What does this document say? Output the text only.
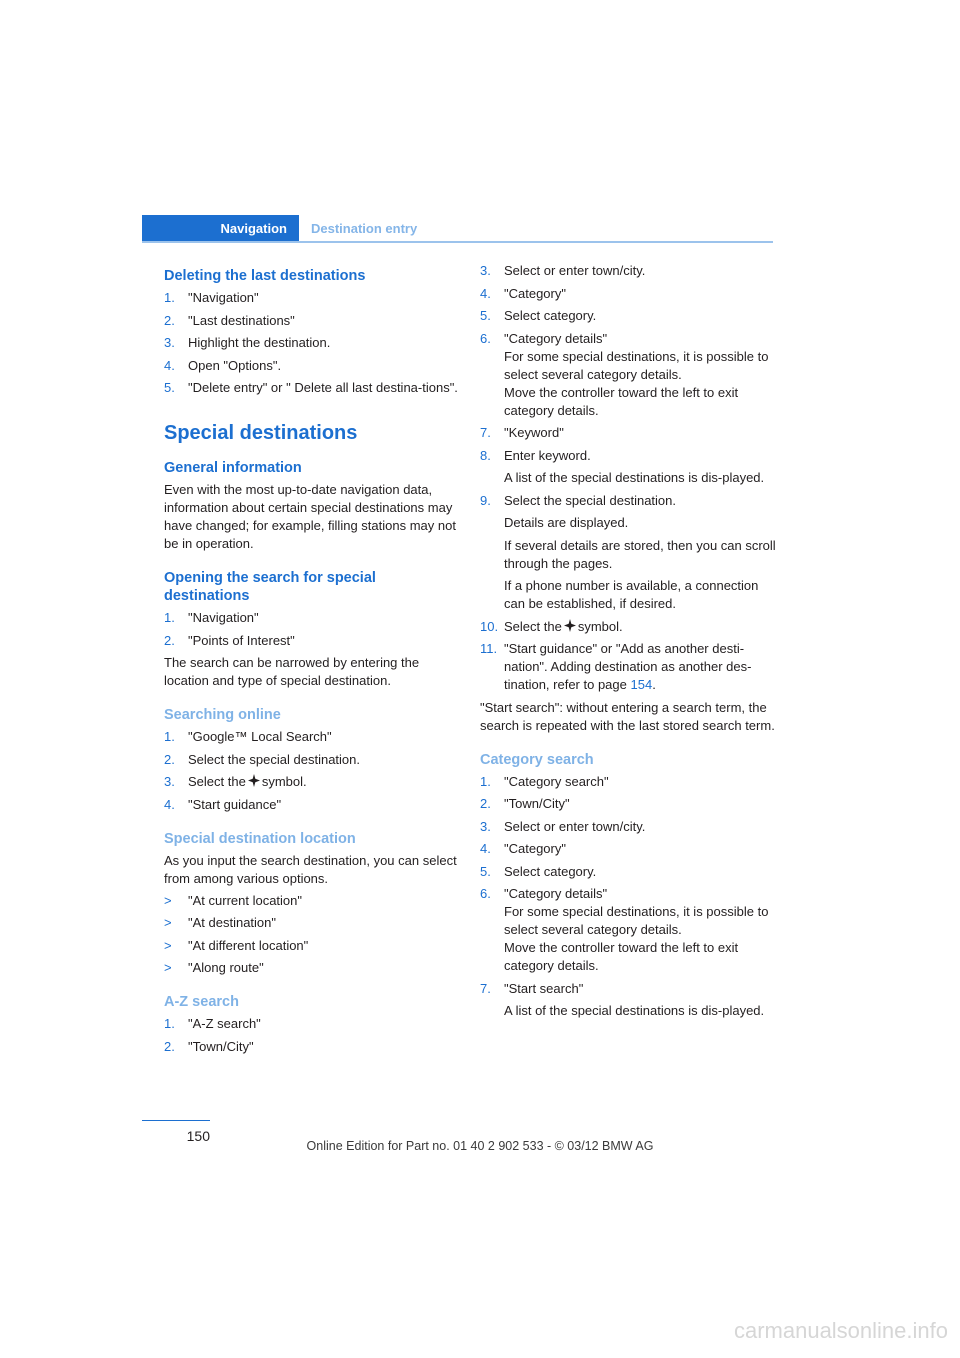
Navigation	Destination entry
Deleting the last destinations
1. "Navigation"
2. "Last destinations"
3. Highlight the destination.
4. Open "Options".
5. "Delete entry" or " Delete all last destina-tions".
Special destinations
General information

Even with the most up-to-date navigation data, information about certain special destinations may have changed; for example, filling stations may not be in operation.

Opening the search for special destinations
1. "Navigation"
2. "Points of Interest"

The search can be narrowed by entering the location and type of special destination.

Searching online
1. "Google™ Local Search"
2. Select the special destination.
3. Select the symbol.
4. "Start guidance"
Special destination location

As you input the search destination, you can select from among various options.

> "At current location"
> "At destination"
> "At different location"
> "Along route"
A-Z search
1. "A-Z search"
2. "Town/City"
3. Select or enter town/city.
4. "Category"
5. Select category.
6. "Category details"
For some special destinations, it is possible to select several category details.
Move the controller toward the left to exit category details.
7. "Keyword"
8. Enter keyword.
A list of the special destinations is dis-played.
9. Select the special destination.
Details are displayed.
If several details are stored, then you can scroll through the pages.
If a phone number is available, a connection can be established, if desired.
10. Select the symbol.
11. "Start guidance" or "Add as another desti-nation". Adding destination as another des-tination, refer to page 154.

"Start search": without entering a search term, the search is repeated with the last stored search term.

Category search
1. "Category search"
2. "Town/City"
3. Select or enter town/city.
4. "Category"
5. Select category.
6. "Category details"
For some special destinations, it is possible to select several category details.
Move the controller toward the left to exit category details.
7. "Start search"
A list of the special destinations is dis-played.
150
Online Edition for Part no. 01 40 2 902 533 - © 03/12 BMW AG
carmanualsonline.info
